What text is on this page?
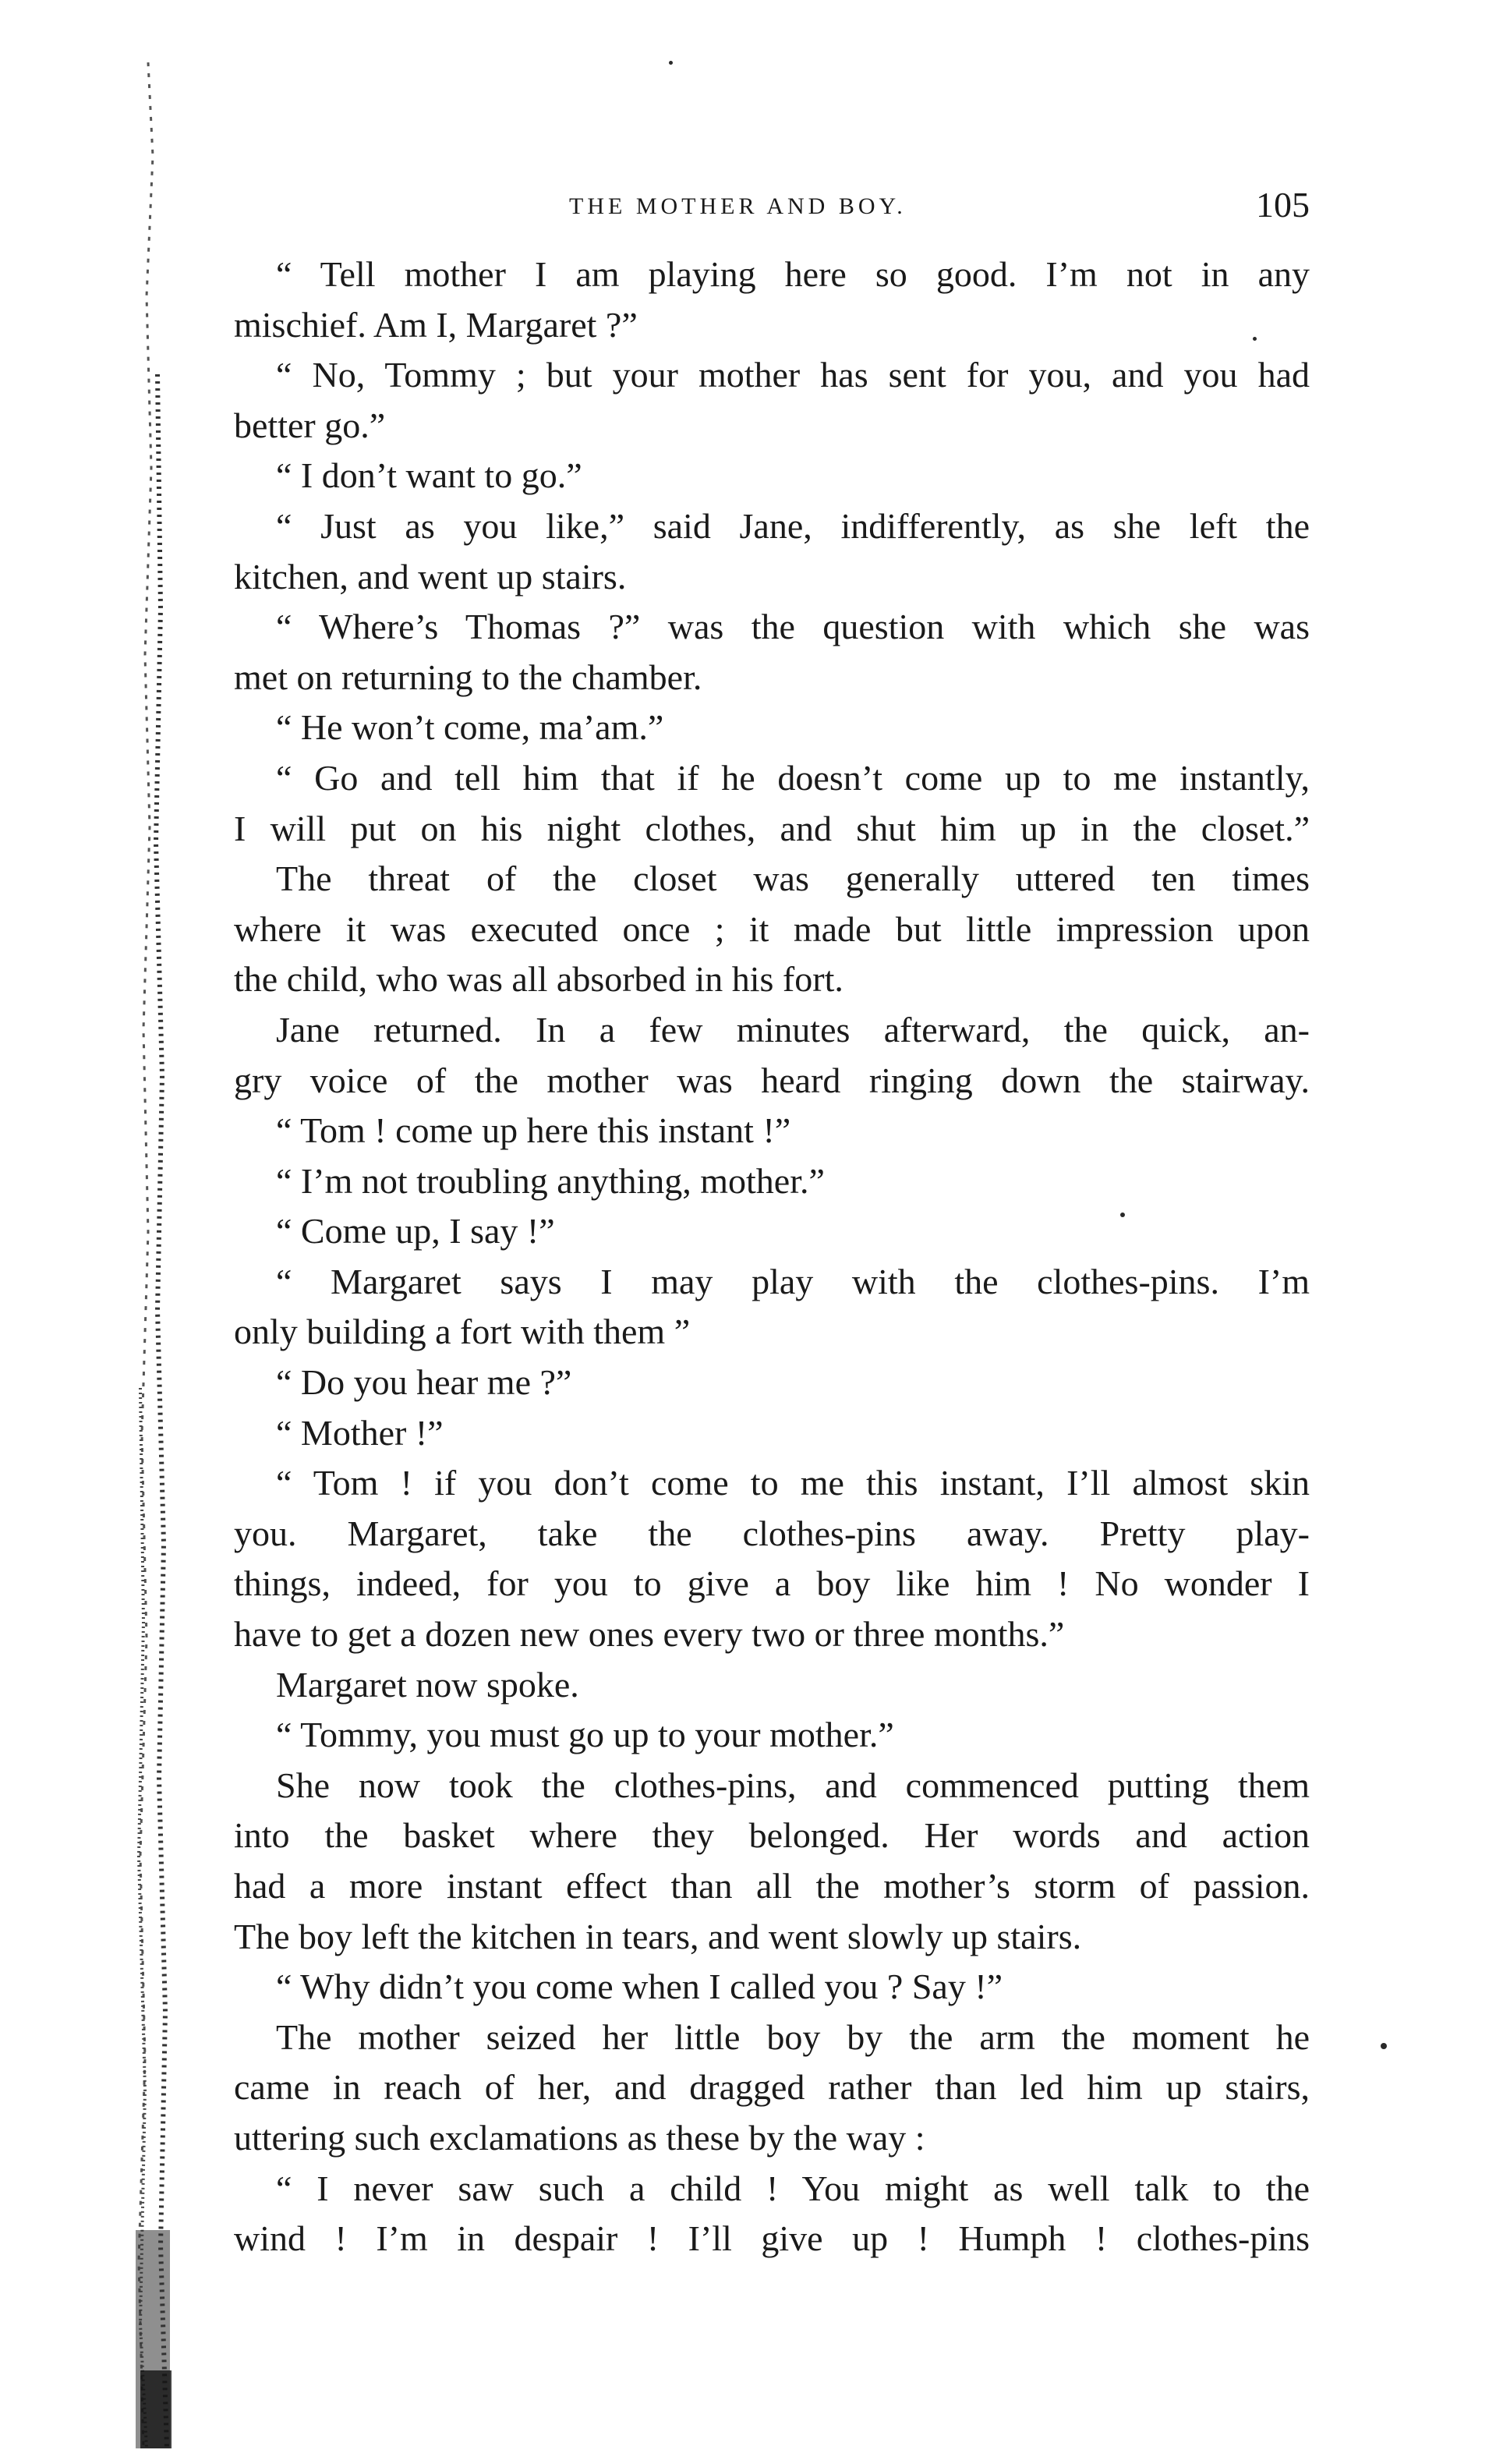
THE MOTHER AND BOY.	105
“ Tell mother I am playing here so good. I’m not in any
mischief. Am I, Margaret ?”
“ No, Tommy ; but your mother has sent for you, and you had
better go.”
“ I don’t want to go.”
“ Just as you like,” said Jane, indifferently, as she left the
kitchen, and went up stairs.
“ Where’s Thomas ?” was the question with which she was
met on returning to the chamber.
“ He won’t come, ma’am.”
“ Go and tell him that if he doesn’t come up to me instantly,
I will put on his night clothes, and shut him up in the closet.”
The threat of the closet was generally uttered ten times
where it was executed once ; it made but little impression upon
the child, who was all absorbed in his fort.
Jane returned. In a few minutes afterward, the quick, an-
gry voice of the mother was heard ringing down the stairway.
“ Tom ! come up here this instant !”
“ I’m not troubling anything, mother.”
“ Come up, I say !”
“ Margaret says I may play with the clothes-pins. I’m
only building a fort with them ”
“ Do you hear me ?”
“ Mother !”
“ Tom ! if you don’t come to me this instant, I’ll almost skin
you. Margaret, take the clothes-pins away. Pretty play-
things, indeed, for you to give a boy like him ! No wonder I
have to get a dozen new ones every two or three months.”
Margaret now spoke.
“ Tommy, you must go up to your mother.”
She now took the clothes-pins, and commenced putting them
into the basket where they belonged. Her words and action
had a more instant effect than all the mother’s storm of passion.
The boy left the kitchen in tears, and went slowly up stairs.
“ Why didn’t you come when I called you ? Say !”
The mother seized her little boy by the arm the moment he
came in reach of her, and dragged rather than led him up stairs,
uttering such exclamations as these by the way :
“ I never saw such a child ! You might as well talk to the
wind ! I’m in despair ! I’ll give up ! Humph ! clothes-pins
